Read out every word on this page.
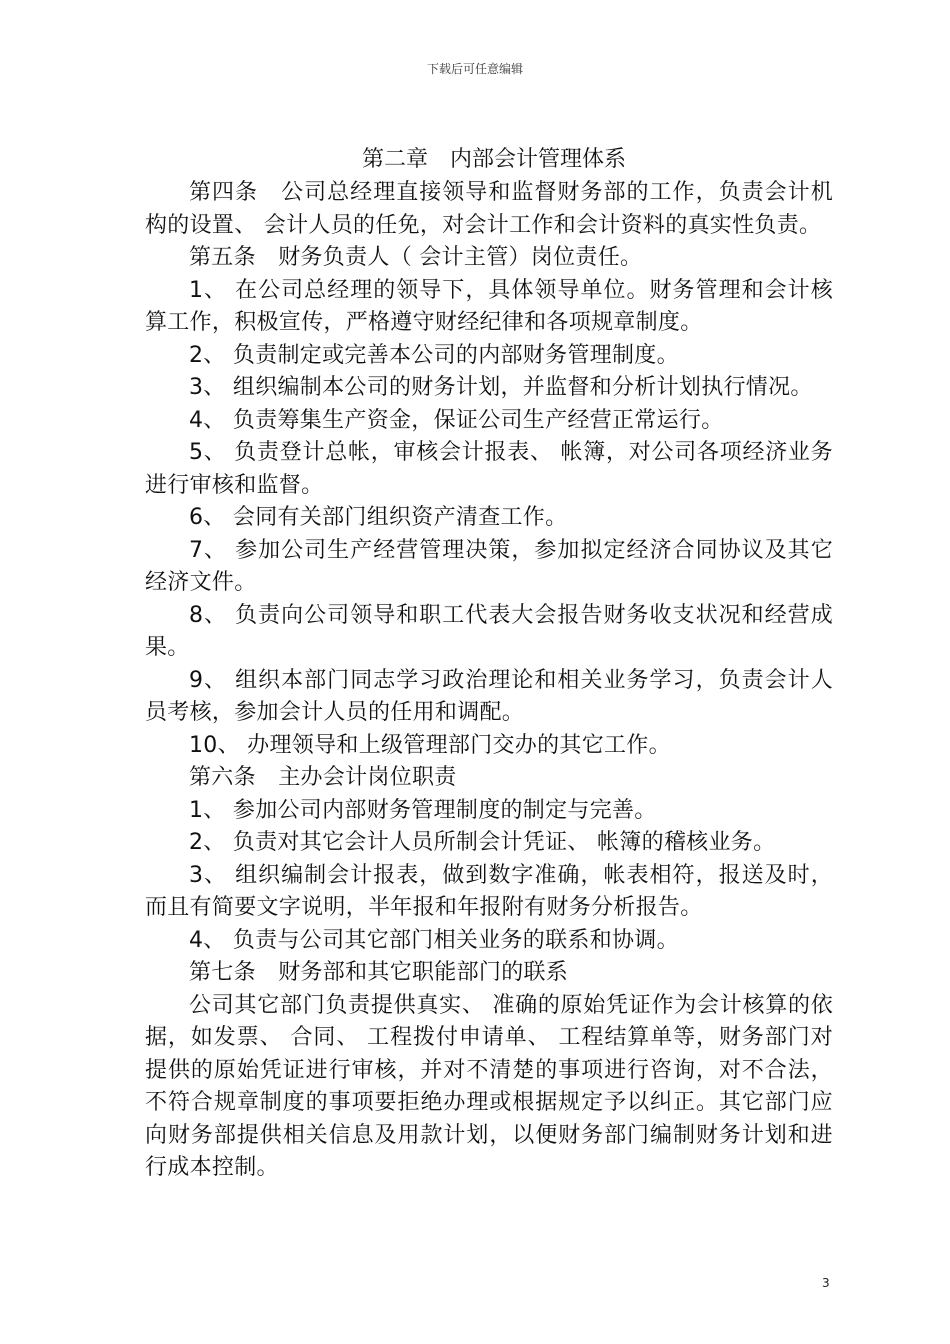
下载后可任意编辑
第二章　内部会计管理体系

第四条　公司总经理直接领导和监督财务部的工作，负责会计机构的设置、 会计人员的任免，对会计工作和会计资料的真实性负责。

第五条　财务负责人（ 会计主管）岗位责任。

1、 在公司总经理的领导下，具体领导单位。财务管理和会计核算工作，积极宣传，严格遵守财经纪律和各项规章制度。

2、 负责制定或完善本公司的内部财务管理制度。

3、 组织编制本公司的财务计划，并监督和分析计划执行情况。

4、 负责筹集生产资金，保证公司生产经营正常运行。

5、 负责登计总帐，审核会计报表、 帐簿，对公司各项经济业务进行审核和监督。

6、 会同有关部门组织资产清查工作。

7、 参加公司生产经营管理决策，参加拟定经济合同协议及其它经济文件。

8、 负责向公司领导和职工代表大会报告财务收支状况和经营成果。

9、 组织本部门同志学习政治理论和相关业务学习，负责会计人员考核，参加会计人员的任用和调配。

10、 办理领导和上级管理部门交办的其它工作。

第六条　主办会计岗位职责

1、 参加公司内部财务管理制度的制定与完善。

2、 负责对其它会计人员所制会计凭证、 帐簿的稽核业务。

3、 组织编制会计报表，做到数字准确，帐表相符，报送及时，而且有简要文字说明，半年报和年报附有财务分析报告。

4、 负责与公司其它部门相关业务的联系和协调。

第七条　财务部和其它职能部门的联系

公司其它部门负责提供真实、 准确的原始凭证作为会计核算的依据，如发票、 合同、 工程拨付申请单、 工程结算单等，财务部门对提供的原始凭证进行审核，并对不清楚的事项进行咨询，对不合法，不符合规章制度的事项要拒绝办理或根据规定予以纠正。其它部门应向财务部提供相关信息及用款计划，以便财务部门编制财务计划和进行成本控制。

3
